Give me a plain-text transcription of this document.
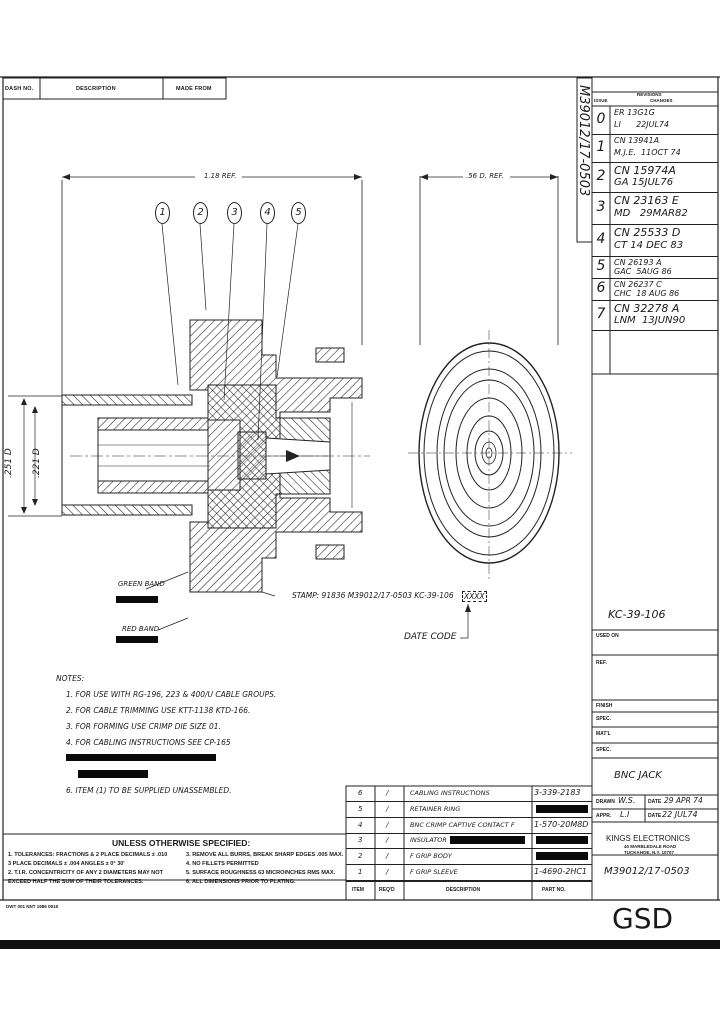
DASH NO.	DESCRIPTION	MADE FROM	M39012/17-0503	REVISIONS
ISSUE	CHANGES
0	ER 13G1G
LI      22JUL74
1	CN 13941A
M.J.E.  11OCT 74
2 CN 15974A
GA 15JUL76
3 CN 23163 E
MD   29MAR82
4 CN 25533 D
CT 14 DEC 83
5	CN 26193 A
GAC  5AUG 86
6	CN 26237 C
CHC  18 AUG 86
7 CN 32278 A
LNM  13JUN90
1.18 REF.	.56 D. REF.
.251 D .221 D
1	2	3	4	5
GREEN BAND
RED BAND
STAMP: 91836 M39012/17-0503 KC-39-106 XXXX
DATE CODE
NOTES:
1. FOR USE WITH RG-196, 223 & 400/U CABLE GROUPS.
2. FOR CABLE TRIMMING USE KTT-1138 KTD-166.
3. FOR FORMING USE CRIMP DIE SIZE 01.
4. FOR CABLING INSTRUCTIONS SEE CP-165
6. ITEM (1) TO BE SUPPLIED UNASSEMBLED.
UNLESS OTHERWISE SPECIFIED:
1. TOLERANCES: FRACTIONS & 2 PLACE DECIMALS ± .010
3 PLACE DECIMALS ± .004 ANGLES ± 0° 30'
2. T.I.R. CONCENTRICITY OF ANY 2 DIAMETERS MAY NOT
EXCEED HALF THE SUM OF THEIR TOLERANCES.
3. REMOVE ALL BURRS, BREAK SHARP EDGES .005 MAX.
4. NO FILLETS PERMITTED
5. SURFACE ROUGHNESS 63 MICROINCHES RMS MAX.
6. ALL DIMENSIONS PRIOR TO PLATING.
DWT 001 NNT 1986 0818
6	/	CABLING INSTRUCTIONS	3-339-2183
5	/	RETAINER RING
4	/	BNC CRIMP CAPTIVE CONTACT F 1-570-20M8D
3	/	INSULATOR
2	/	F GRIP BODY
1	/	F GRIP SLEEVE	1-4690-2HC1
ITEM	REQ'D	DESCRIPTION	PART NO.
KC-39-106
USED ON
REF.
FINISH
SPEC.
MAT'L
SPEC.
BNC JACK
DRAWN W.S.	DATE 29 APR 74
APPR. L.I	DATE 22 JUL74
KINGS ELECTRONICS
40 MARBLEDALE ROAD
TUCKAHOE, N.Y. 10707
M39012/17-0503
GSD
